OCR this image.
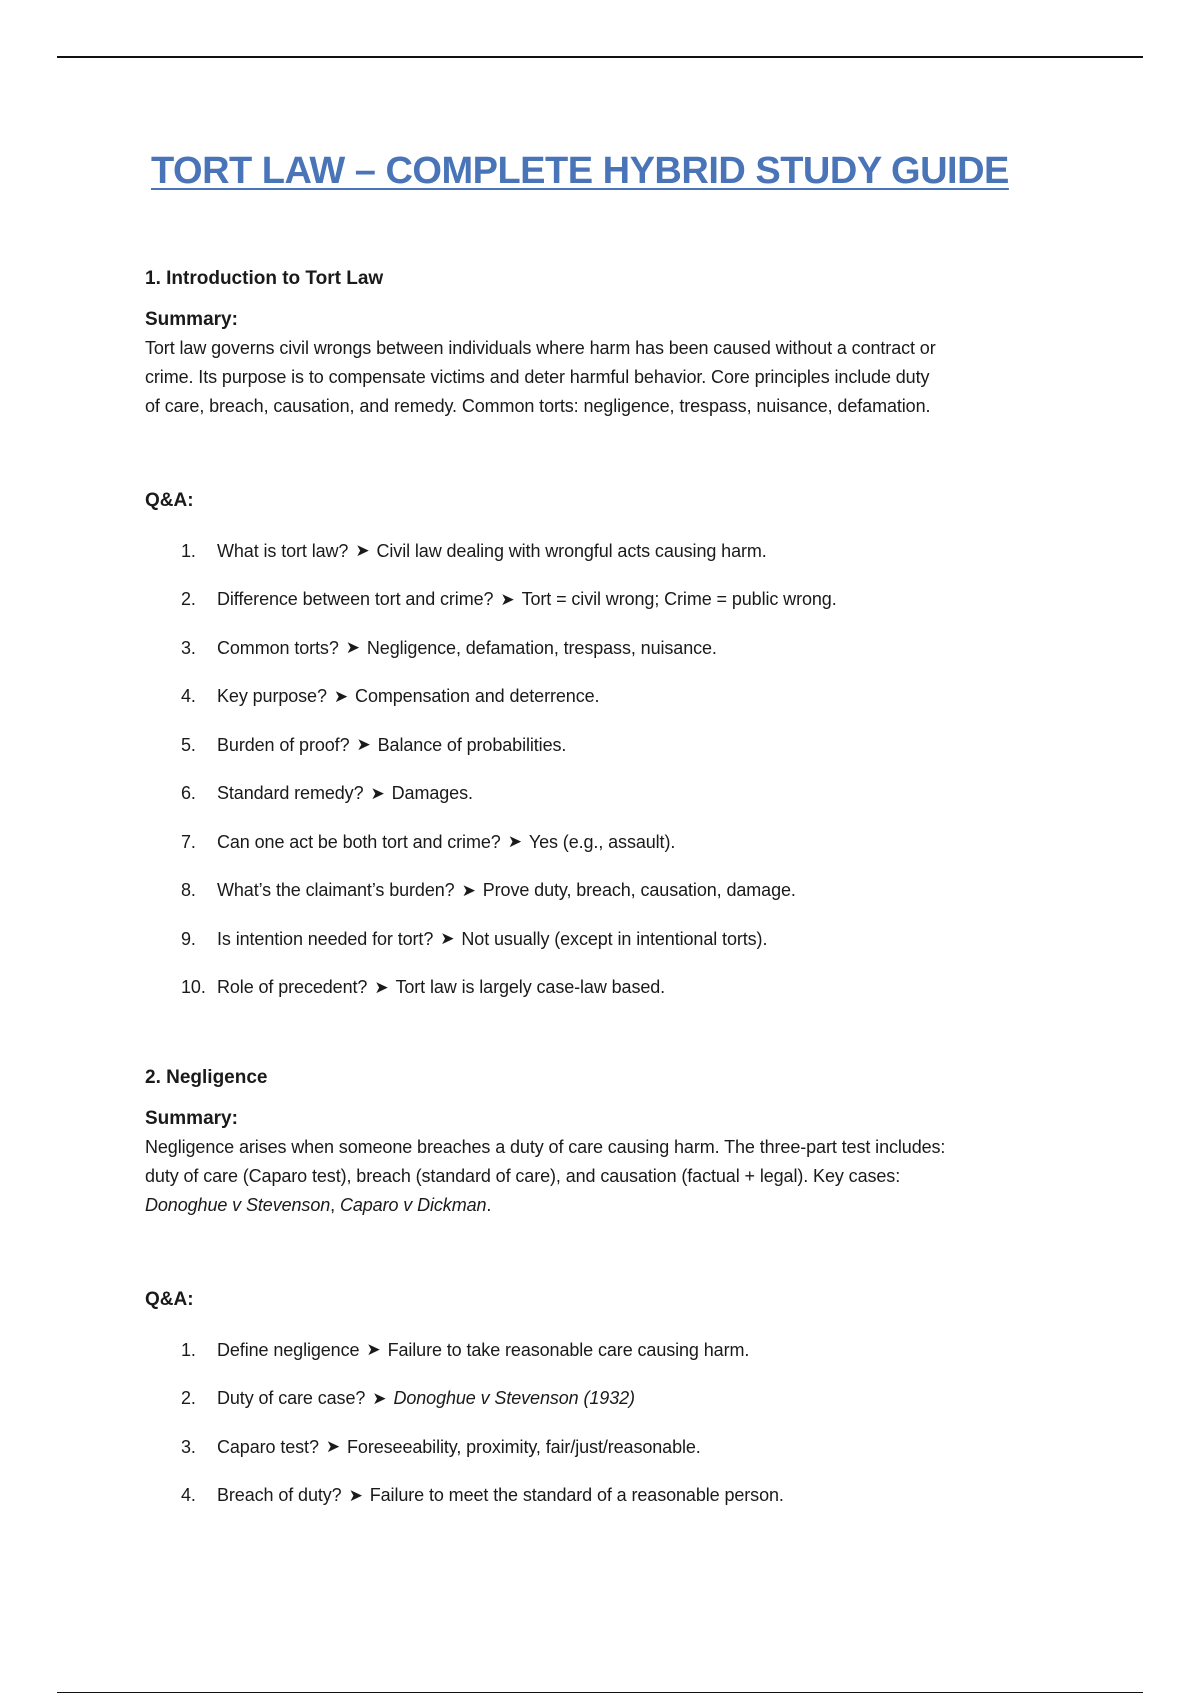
TORT LAW – COMPLETE HYBRID STUDY GUIDE
1. Introduction to Tort Law

Summary:

Tort law governs civil wrongs between individuals where harm has been caused without a contract or
crime. Its purpose is to compensate victims and deter harmful behavior. Core principles include duty
of care, breach, causation, and remedy. Common torts: negligence, trespass, nuisance, defamation.

Q&A:

1.	What is tort law? ➤ Civil law dealing with wrongful acts causing harm.
2.	Difference between tort and crime? ➤ Tort = civil wrong; Crime = public wrong.
3.	Common torts? ➤ Negligence, defamation, trespass, nuisance.
4.	Key purpose? ➤ Compensation and deterrence.
5.	Burden of proof? ➤ Balance of probabilities.
6.	Standard remedy? ➤ Damages.
7.	Can one act be both tort and crime? ➤ Yes (e.g., assault).
8.	What’s the claimant’s burden? ➤ Prove duty, breach, causation, damage.
9.	Is intention needed for tort? ➤ Not usually (except in intentional torts).
10. Role of precedent? ➤ Tort law is largely case-law based.
2. Negligence

Summary:

Negligence arises when someone breaches a duty of care causing harm. The three-part test includes:
duty of care (Caparo test), breach (standard of care), and causation (factual + legal). Key cases:
Donoghue v Stevenson, Caparo v Dickman.

Q&A:

1.	Define negligence ➤ Failure to take reasonable care causing harm.
2.	Duty of care case? ➤ Donoghue v Stevenson (1932)
3.	Caparo test? ➤ Foreseeability, proximity, fair/just/reasonable.
4.	Breach of duty? ➤ Failure to meet the standard of a reasonable person.
